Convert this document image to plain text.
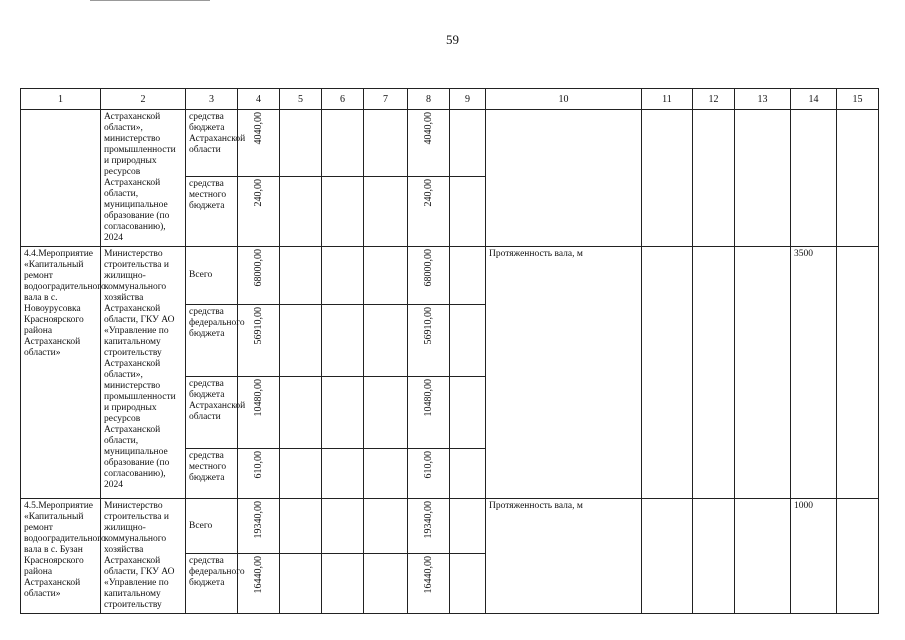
59
1	2	3	4	5	6	7	8	9	10	11	12	13	14	15
	Астраханской области», министерство промышленности и природных ресурсов Астраханской области, муниципальное образование (по согласованию), 2024	средства бюджета Астраханской области	4040,00				4040,00							
		средства местного бюджета	240,00				240,00							
4.4.Мероприятие «Капитальный ремонт водооградительного вала в с. Новоурусовка Красноярского района Астраханской области»	Министерство строительства и жилищно-коммунального хозяйства Астраханской области, ГКУ АО «Управление по капитальному строительству Астраханской области», министерство промышленности и природных ресурсов Астраханской области, муниципальное образование (по согласованию), 2024	Всего	68000,00				68000,00		Протяженность вала, м				3500	
		средства федерального бюджета	56910,00				56910,00							
		средства бюджета Астраханской области	10480,00				10480,00							
		средства местного бюджета	610,00				610,00							
4.5.Мероприятие «Капитальный ремонт водооградительного вала в с. Бузан Красноярского района Астраханской области»	Министерство строительства и жилищно-коммунального хозяйства Астраханской области, ГКУ АО «Управление по капитальному строительству	Всего	19340,00				19340,00		Протяженность вала, м				1000	
		средства федерального бюджета	16440,00				16440,00							
